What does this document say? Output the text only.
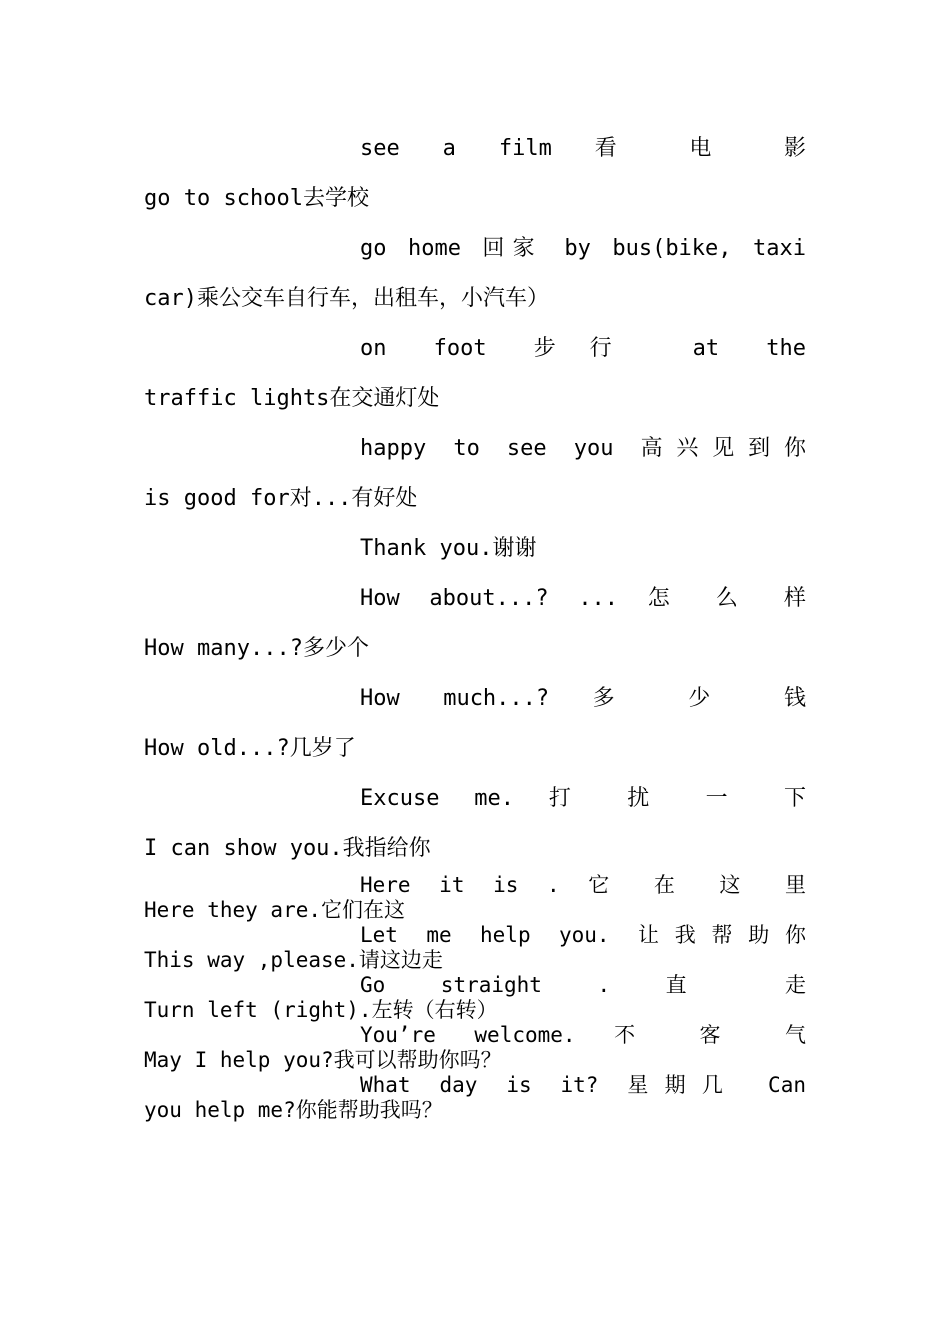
see a film 看 电 影
go to school去学校
go home 回家 by bus(bike, taxi
car)乘公交车自行车，出租车，小汽车）
on foot 步行 at the
traffic lights在交通灯处
happy to see you 高兴见到你
is good for对...有好处
Thank you.谢谢
How about...? ... 怎 么 样
How many...?多少个
How much...? 多 少 钱
How old...?几岁了
Excuse me. 打 扰 一 下
I can show you.我指给你
Here it is . 它 在 这 里
Here they are.它们在这
Let me help you. 让我帮助你
This way ,please.请这边走
Go straight . 直 走
Turn left (right).左转（右转）
You’re welcome. 不 客 气
May I help you?我可以帮助你吗？
What day is it? 星期几 Can
you help me?你能帮助我吗？
